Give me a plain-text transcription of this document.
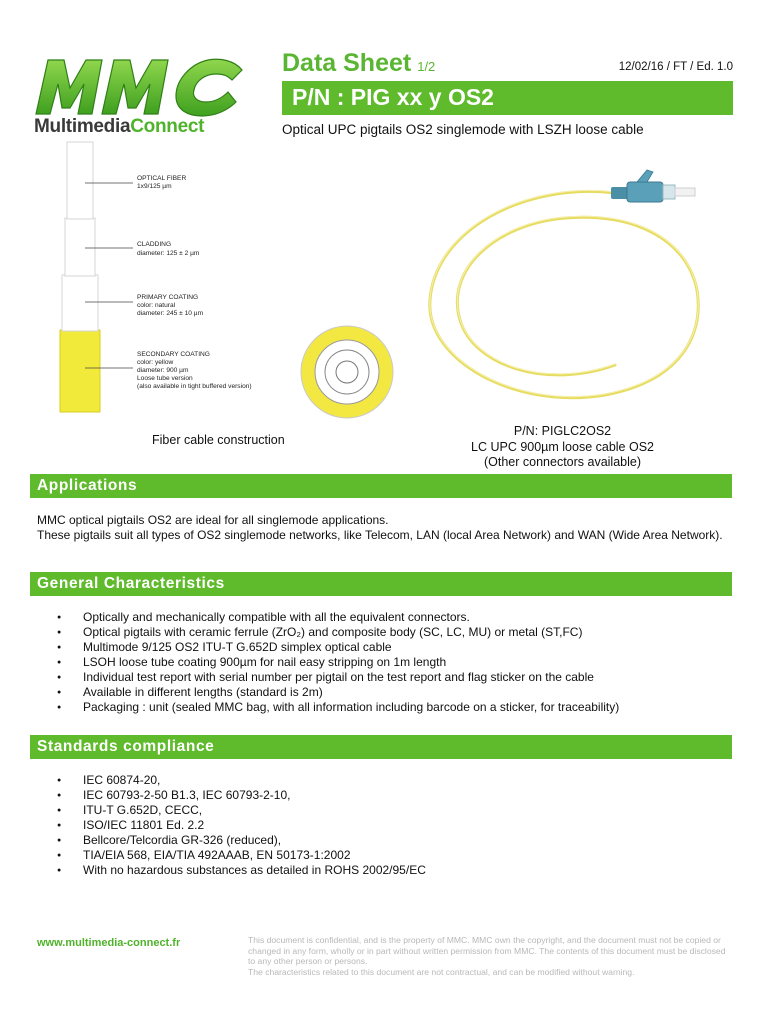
MultimediaConnect
Data Sheet 1/2	12/02/16 / FT / Ed. 1.0
P/N : PIG xx y OS2
Optical UPC pigtails OS2 singlemode with LSZH loose cable
OPTICAL FIBER
1x9/125 µm
CLADDING
diameter: 125 ± 2 µm
PRIMARY COATING
color: natural
diameter: 245 ± 10 µm
SECONDARY COATING
color: yellow
diameter: 900 µm
Loose tube version
(also available in tight buffered version)
Fiber cable construction
P/N: PIGLC2OS2
LC UPC 900µm loose cable OS2
(Other connectors available)
Applications
MMC optical pigtails OS2 are ideal for all singlemode applications.
These pigtails suit all types of OS2 singlemode networks, like Telecom, LAN (local Area Network) and WAN (Wide Area Network).
General Characteristics
● Optically and mechanically compatible with all the equivalent connectors.
● Optical pigtails with ceramic ferrule (ZrO₂) and composite body (SC, LC, MU) or metal (ST,FC)
● Multimode 9/125 OS2 ITU-T G.652D simplex optical cable
● LSOH loose tube coating 900µm for nail easy stripping on 1m length
● Individual test report with serial number per pigtail on the test report and flag sticker on the cable
● Available in different lengths (standard is 2m)
● Packaging : unit (sealed MMC bag, with all information including barcode on a sticker, for traceability)
Standards compliance
● IEC 60874-20,
● IEC 60793-2-50 B1.3, IEC 60793-2-10,
● ITU-T G.652D, CECC,
● ISO/IEC 11801 Ed. 2.2
● Bellcore/Telcordia GR-326 (reduced),
● TIA/EIA 568, EIA/TIA 492AAAB, EN 50173-1:2002
● With no hazardous substances as detailed in ROHS 2002/95/EC
www.multimedia-connect.fr	This document is confidential, and is the property of MMC. MMC own the copyright, and the document must not be copied or changed in any form, wholly or in part without written permission from MMC. The contents of this document must be disclosed to any other person or persons.
The characteristics related to this document are not contractual, and can be modified without warning.
